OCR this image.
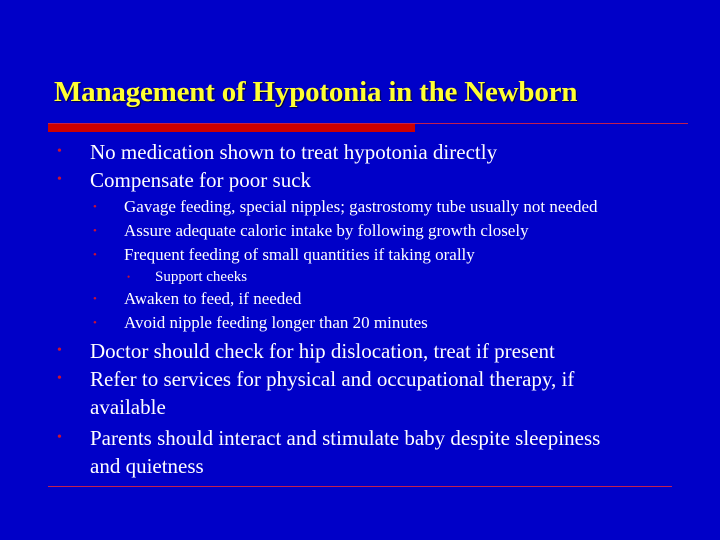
Management of Hypotonia in the Newborn
• No medication shown to treat hypotonia directly
• Compensate for poor suck
• Gavage feeding, special nipples; gastrostomy tube usually not needed
• Assure adequate caloric intake by following growth closely
• Frequent feeding of small quantities if taking orally
• Support cheeks
• Awaken to feed, if needed
• Avoid nipple feeding longer than 20 minutes
• Doctor should check for hip dislocation, treat if present
• Refer to services for physical and occupational therapy, if
available
• Parents should interact and stimulate baby despite sleepiness
and quietness
